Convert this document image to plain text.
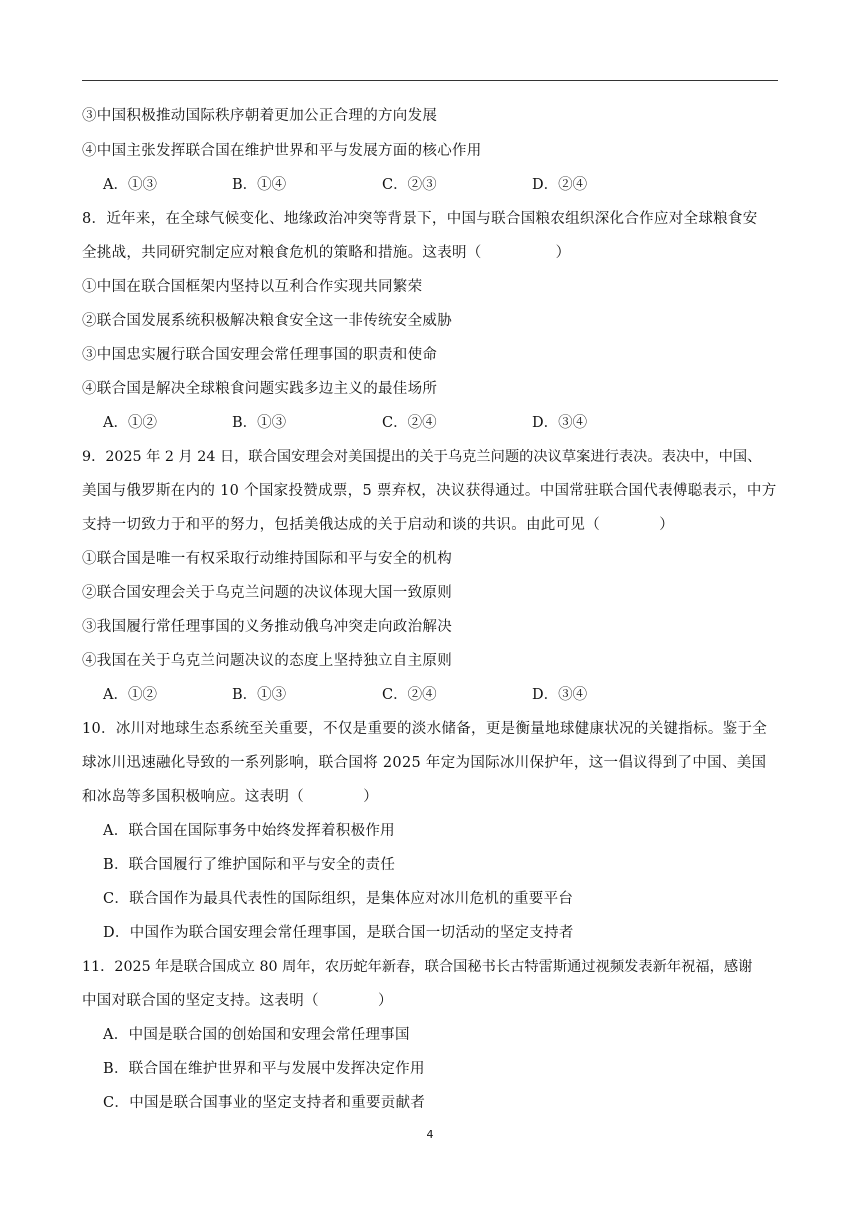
③中国积极推动国际秩序朝着更加公正合理的方向发展
④中国主张发挥联合国在维护世界和平与发展方面的核心作用
A．①③	B．①④	C．②③	D．②④
8．近年来，在全球气候变化、地缘政治冲突等背景下，中国与联合国粮农组织深化合作应对全球粮食安
全挑战，共同研究制定应对粮食危机的策略和措施。这表明（　　　　　）
①中国在联合国框架内坚持以互利合作实现共同繁荣
②联合国发展系统积极解决粮食安全这一非传统安全威胁
③中国忠实履行联合国安理会常任理事国的职责和使命
④联合国是解决全球粮食问题实践多边主义的最佳场所
A．①②	B．①③	C．②④	D．③④
9．2025 年 2 月 24 日，联合国安理会对美国提出的关于乌克兰问题的决议草案进行表决。表决中，中国、
美国与俄罗斯在内的 10 个国家投赞成票，5 票弃权，决议获得通过。中国常驻联合国代表傅聪表示，中方
支持一切致力于和平的努力，包括美俄达成的关于启动和谈的共识。由此可见（　　　　）
①联合国是唯一有权采取行动维持国际和平与安全的机构
②联合国安理会关于乌克兰问题的决议体现大国一致原则
③我国履行常任理事国的义务推动俄乌冲突走向政治解决
④我国在关于乌克兰问题决议的态度上坚持独立自主原则
A．①②	B．①③	C．②④	D．③④
10．冰川对地球生态系统至关重要，不仅是重要的淡水储备，更是衡量地球健康状况的关键指标。鉴于全
球冰川迅速融化导致的一系列影响，联合国将 2025 年定为国际冰川保护年，这一倡议得到了中国、美国
和冰岛等多国积极响应。这表明（　　　　）
A．联合国在国际事务中始终发挥着积极作用
B．联合国履行了维护国际和平与安全的责任
C．联合国作为最具代表性的国际组织，是集体应对冰川危机的重要平台
D．中国作为联合国安理会常任理事国，是联合国一切活动的坚定支持者
11．2025 年是联合国成立 80 周年，农历蛇年新春，联合国秘书长古特雷斯通过视频发表新年祝福，感谢
中国对联合国的坚定支持。这表明（　　　　）
A．中国是联合国的创始国和安理会常任理事国
B．联合国在维护世界和平与发展中发挥决定作用
C．中国是联合国事业的坚定支持者和重要贡献者
4
